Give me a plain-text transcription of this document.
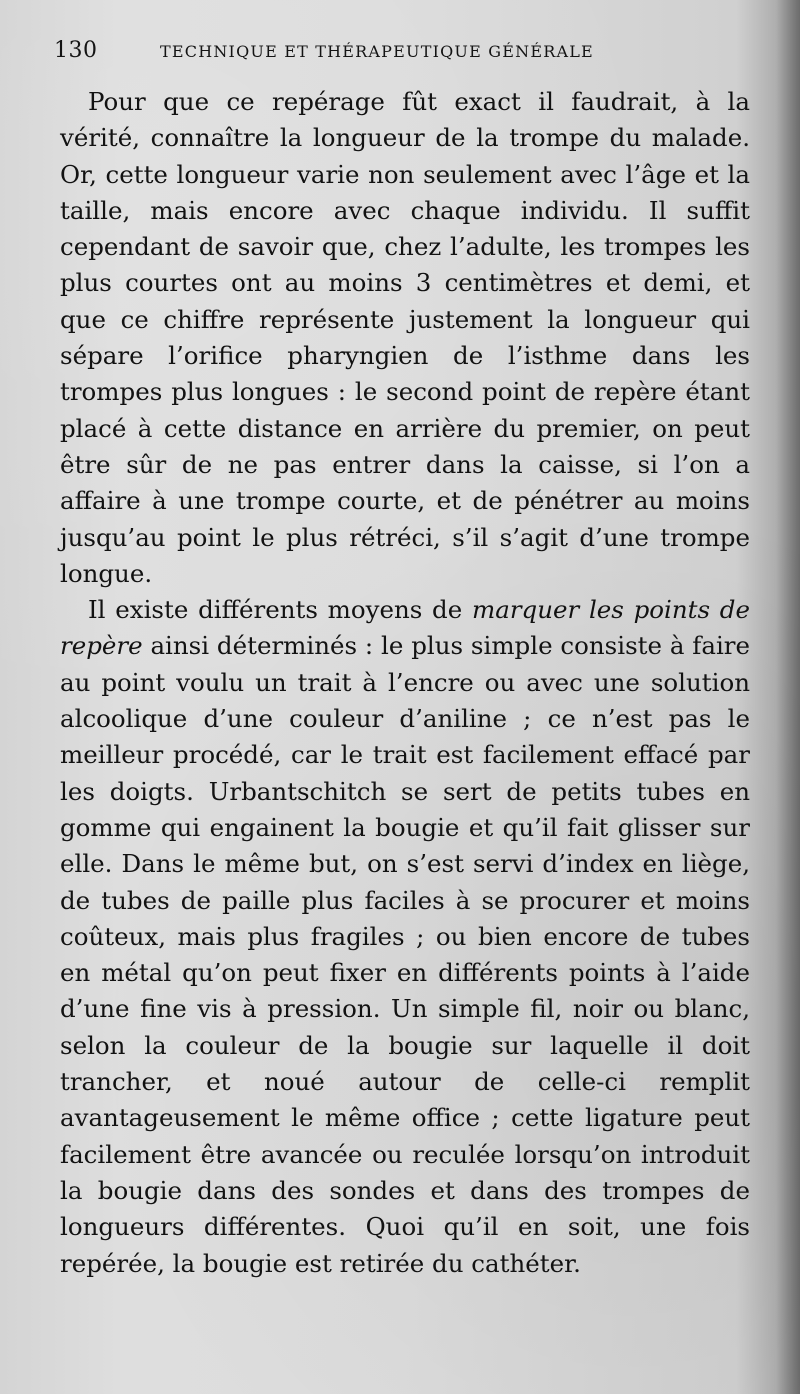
130	TECHNIQUE ET THÉRAPEUTIQUE GÉNÉRALE

Pour que ce repérage fût exact il faudrait, à la vérité, connaître la longueur de la trompe du malade. Or, cette longueur varie non seulement avec l’âge et la taille, mais encore avec chaque individu. Il suffit cependant de savoir que, chez l’adulte, les trompes les plus courtes ont au moins 3 centimètres et demi, et que ce chiffre représente justement la longueur qui sépare l’orifice pharyngien de l’isthme dans les trompes plus longues : le second point de repère étant placé à cette distance en arrière du premier, on peut être sûr de ne pas entrer dans la caisse, si l’on a affaire à une trompe courte, et de pénétrer au moins jusqu’au point le plus rétréci, s’il s’agit d’une trompe longue.

Il existe différents moyens de marquer les points de repère ainsi déterminés : le plus simple consiste à faire au point voulu un trait à l’encre ou avec une solution alcoolique d’une couleur d’aniline ; ce n’est pas le meilleur procédé, car le trait est facilement effacé par les doigts. Urbantschitch se sert de petits tubes en gomme qui engainent la bougie et qu’il fait glisser sur elle. Dans le même but, on s’est servi d’index en liège, de tubes de paille plus faciles à se procurer et moins coûteux, mais plus fragiles ; ou bien encore de tubes en métal qu’on peut fixer en différents points à l’aide d’une fine vis à pression. Un simple fil, noir ou blanc, selon la couleur de la bougie sur laquelle il doit trancher, et noué autour de celle-ci remplit avantageusement le même office ; cette ligature peut facilement être avancée ou reculée lorsqu’on introduit la bougie dans des sondes et dans des trompes de longueurs différentes. Quoi qu’il en soit, une fois repérée, la bougie est retirée du cathéter.
